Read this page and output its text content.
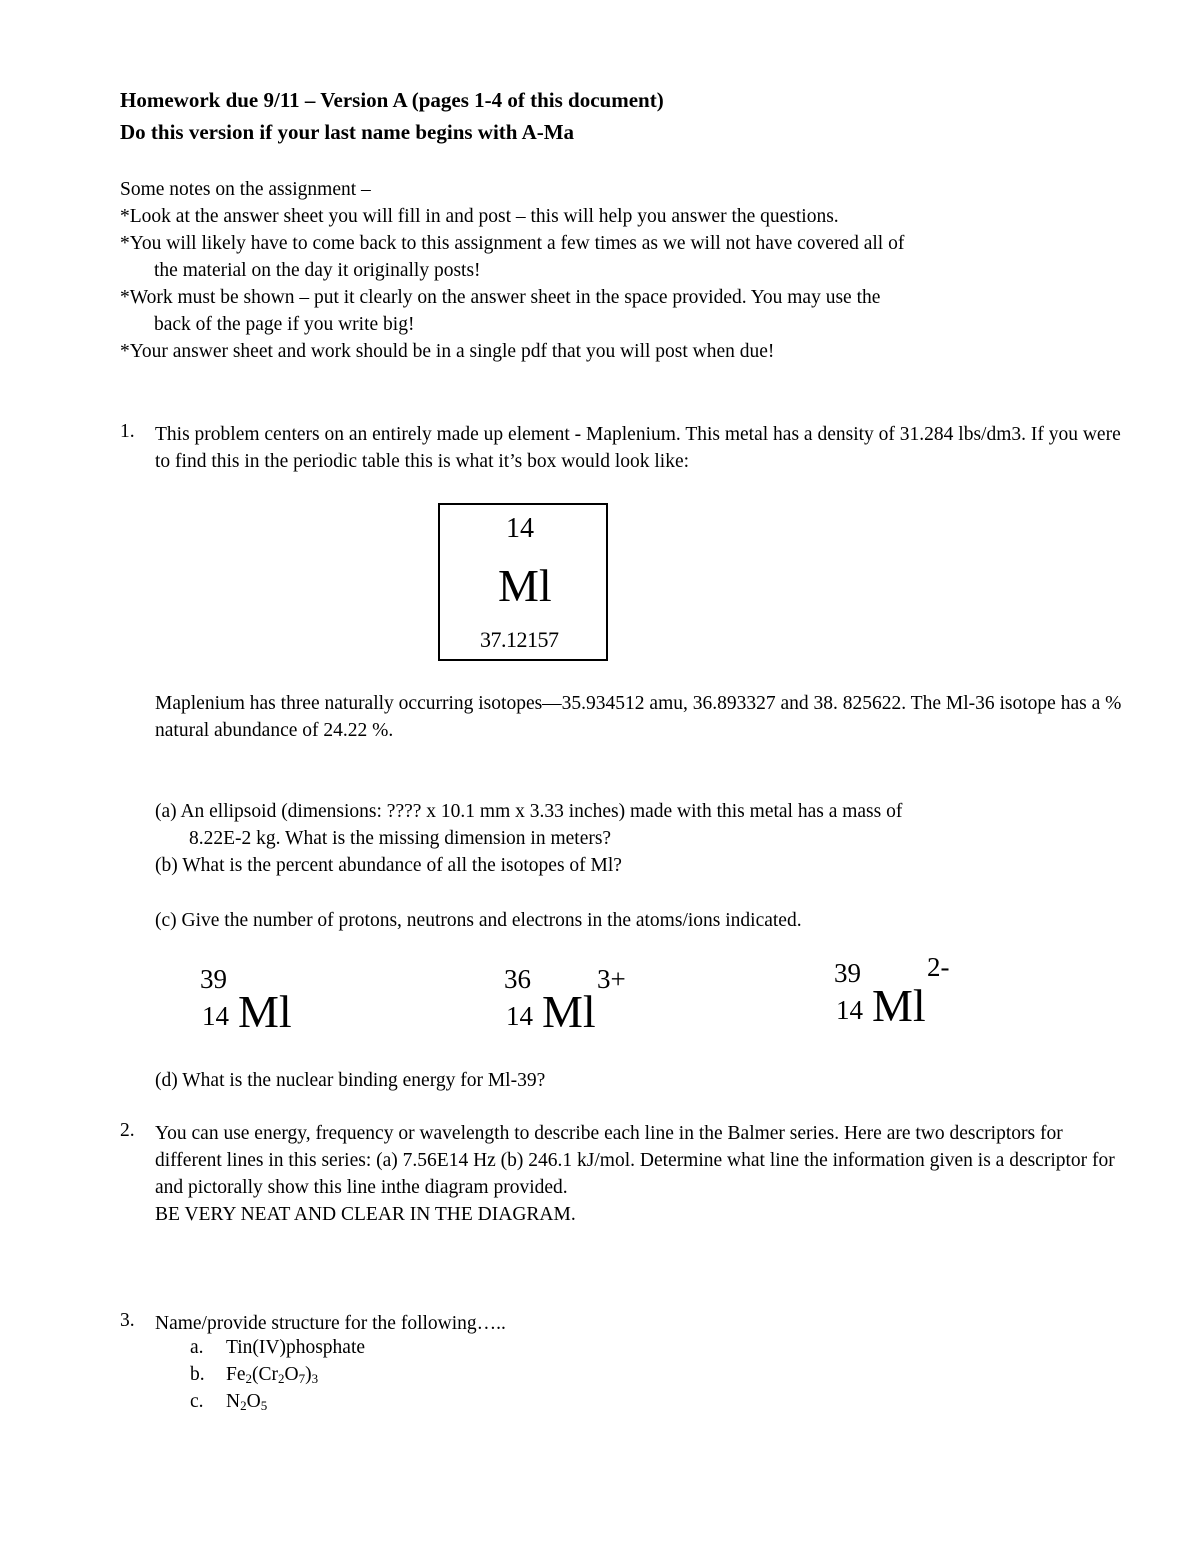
Homework due 9/11 – Version A (pages 1-4 of this document)
Do this version if your last name begins with A-Ma
Some notes on the assignment –
*Look at the answer sheet you will fill in and post – this will help you answer the questions.
*You will likely have to come back to this assignment a few times as we will not have covered all of
the material on the day it originally posts!
*Work must be shown – put it clearly on the answer sheet in the space provided. You may use the
back of the page if you write big!
*Your answer sheet and work should be in a single pdf that you will post when due!
1. This problem centers on an entirely made up element - Maplenium. This metal has a density of 31.284 lbs/dm3. If you were to find this in the periodic table this is what it’s box would look like:
14
Ml
37.12157
Maplenium has three naturally occurring isotopes—35.934512 amu, 36.893327 and 38. 825622. The Ml-36 isotope has a % natural abundance of 24.22 %.
(a) An ellipsoid (dimensions: ???? x 10.1 mm x 3.33 inches) made with this metal has a mass of
8.22E-2 kg. What is the missing dimension in meters?
(b) What is the percent abundance of all the isotopes of Ml?
(c) Give the number of protons, neutrons and electrons in the atoms/ions indicated.
39
14 Ml
36
14 Ml
3+	39
14 Ml
2-
(d) What is the nuclear binding energy for Ml-39?
2. You can use energy, frequency or wavelength to describe each line in the Balmer series. Here are two descriptors for different lines in this series: (a) 7.56E14 Hz (b) 246.1 kJ/mol. Determine what line the information given is a descriptor for and pictorally show this line inthe diagram provided.
BE VERY NEAT AND CLEAR IN THE DIAGRAM.
3. Name/provide structure for the following…..
a. Tin(IV)phosphate
b. $Fe_2(Cr_2O_7)_3$
c. $N_2O_5$
